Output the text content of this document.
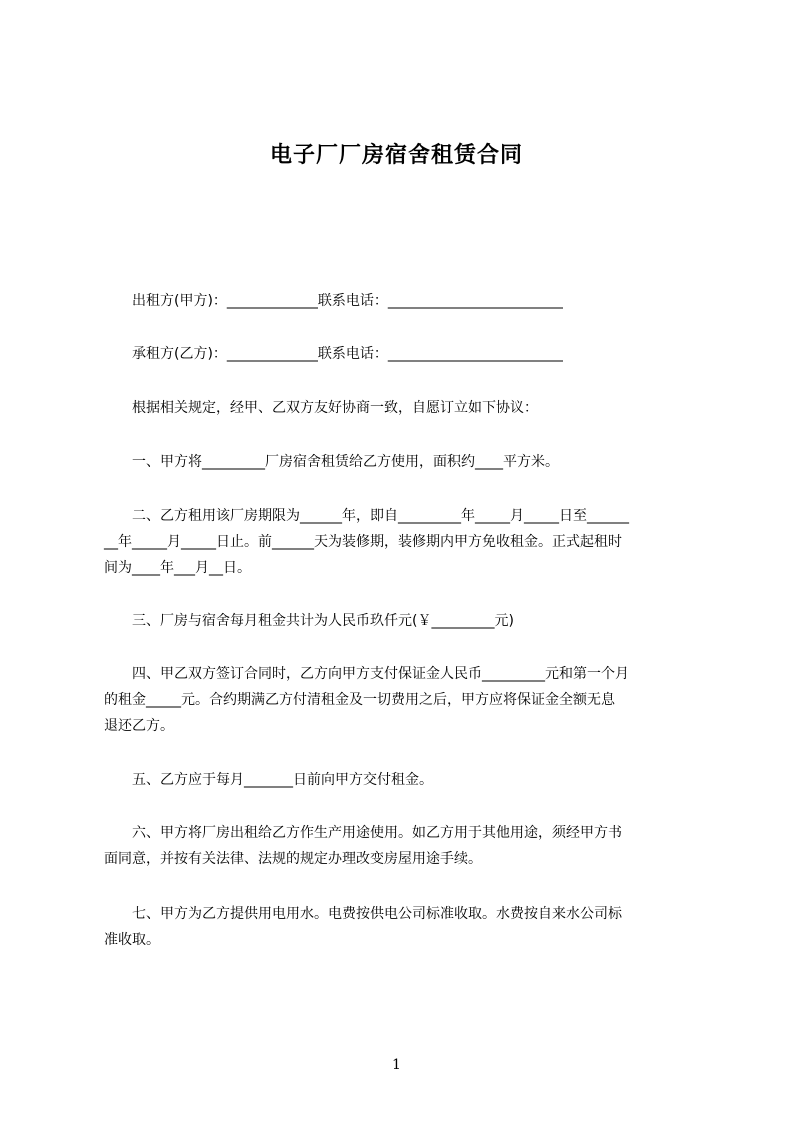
电子厂厂房宿舍租赁合同
　　出租方(甲方)：_____________联系电话：_________________________
　　承租方(乙方)：_____________联系电话：_________________________
　　根据相关规定，经甲、乙双方友好协商一致，自愿订立如下协议：
　　一、甲方将_________厂房宿舍租赁给乙方使用，面积约____平方米。
　　二、乙方租用该厂房期限为______年，即自_________年_____月_____日至______
__年_____月_____日止。前______天为装修期，装修期内甲方免收租金。正式起租时
间为____年___月__日。
　　三、厂房与宿舍每月租金共计为人民币玖仟元(￥_________元)
　　四、甲乙双方签订合同时，乙方向甲方支付保证金人民币_________元和第一个月
的租金_____元。合约期满乙方付清租金及一切费用之后，甲方应将保证金全额无息
退还乙方。
　　五、乙方应于每月_______日前向甲方交付租金。
　　六、甲方将厂房出租给乙方作生产用途使用。如乙方用于其他用途，须经甲方书
面同意，并按有关法律、法规的规定办理改变房屋用途手续。
　　七、甲方为乙方提供用电用水。电费按供电公司标准收取。水费按自来水公司标
准收取。
1
